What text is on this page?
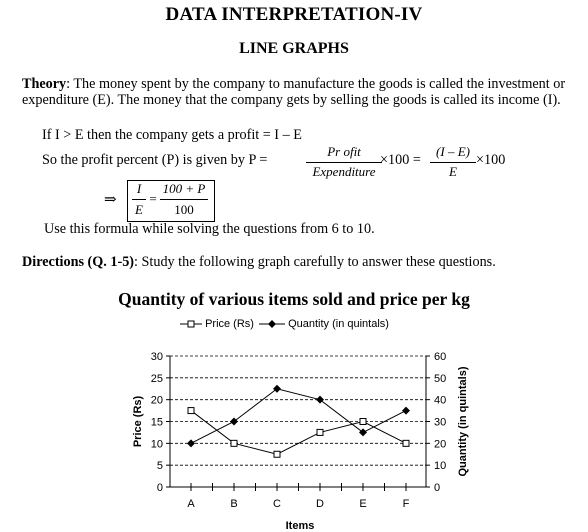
DATA INTERPRETATION-IV
LINE GRAPHS
Theory: The money spent by the company to manufacture the goods is called the investment or expenditure (E). The money that the company gets by selling the goods is called its income (I).
If I > E then the company gets a profit = I – E
So the profit percent (P) is given by P =
Pr ofit
Expenditure
×100 =
(I – E)
E
×100
⇒
I
E
=
100 + P
100
Use this formula while solving the questions from 6 to 10.
Directions (Q. 1-5): Study the following graph carefully to answer these questions.
Quantity of various items sold and price per kg
Price (Rs)	Quantity (in quintals)
0
5
10
15
20
25
30
0
10
20
30
40
50
60
A	B	C	D	E	F
Items
Price (Rs)	Quantity (in quintals)
